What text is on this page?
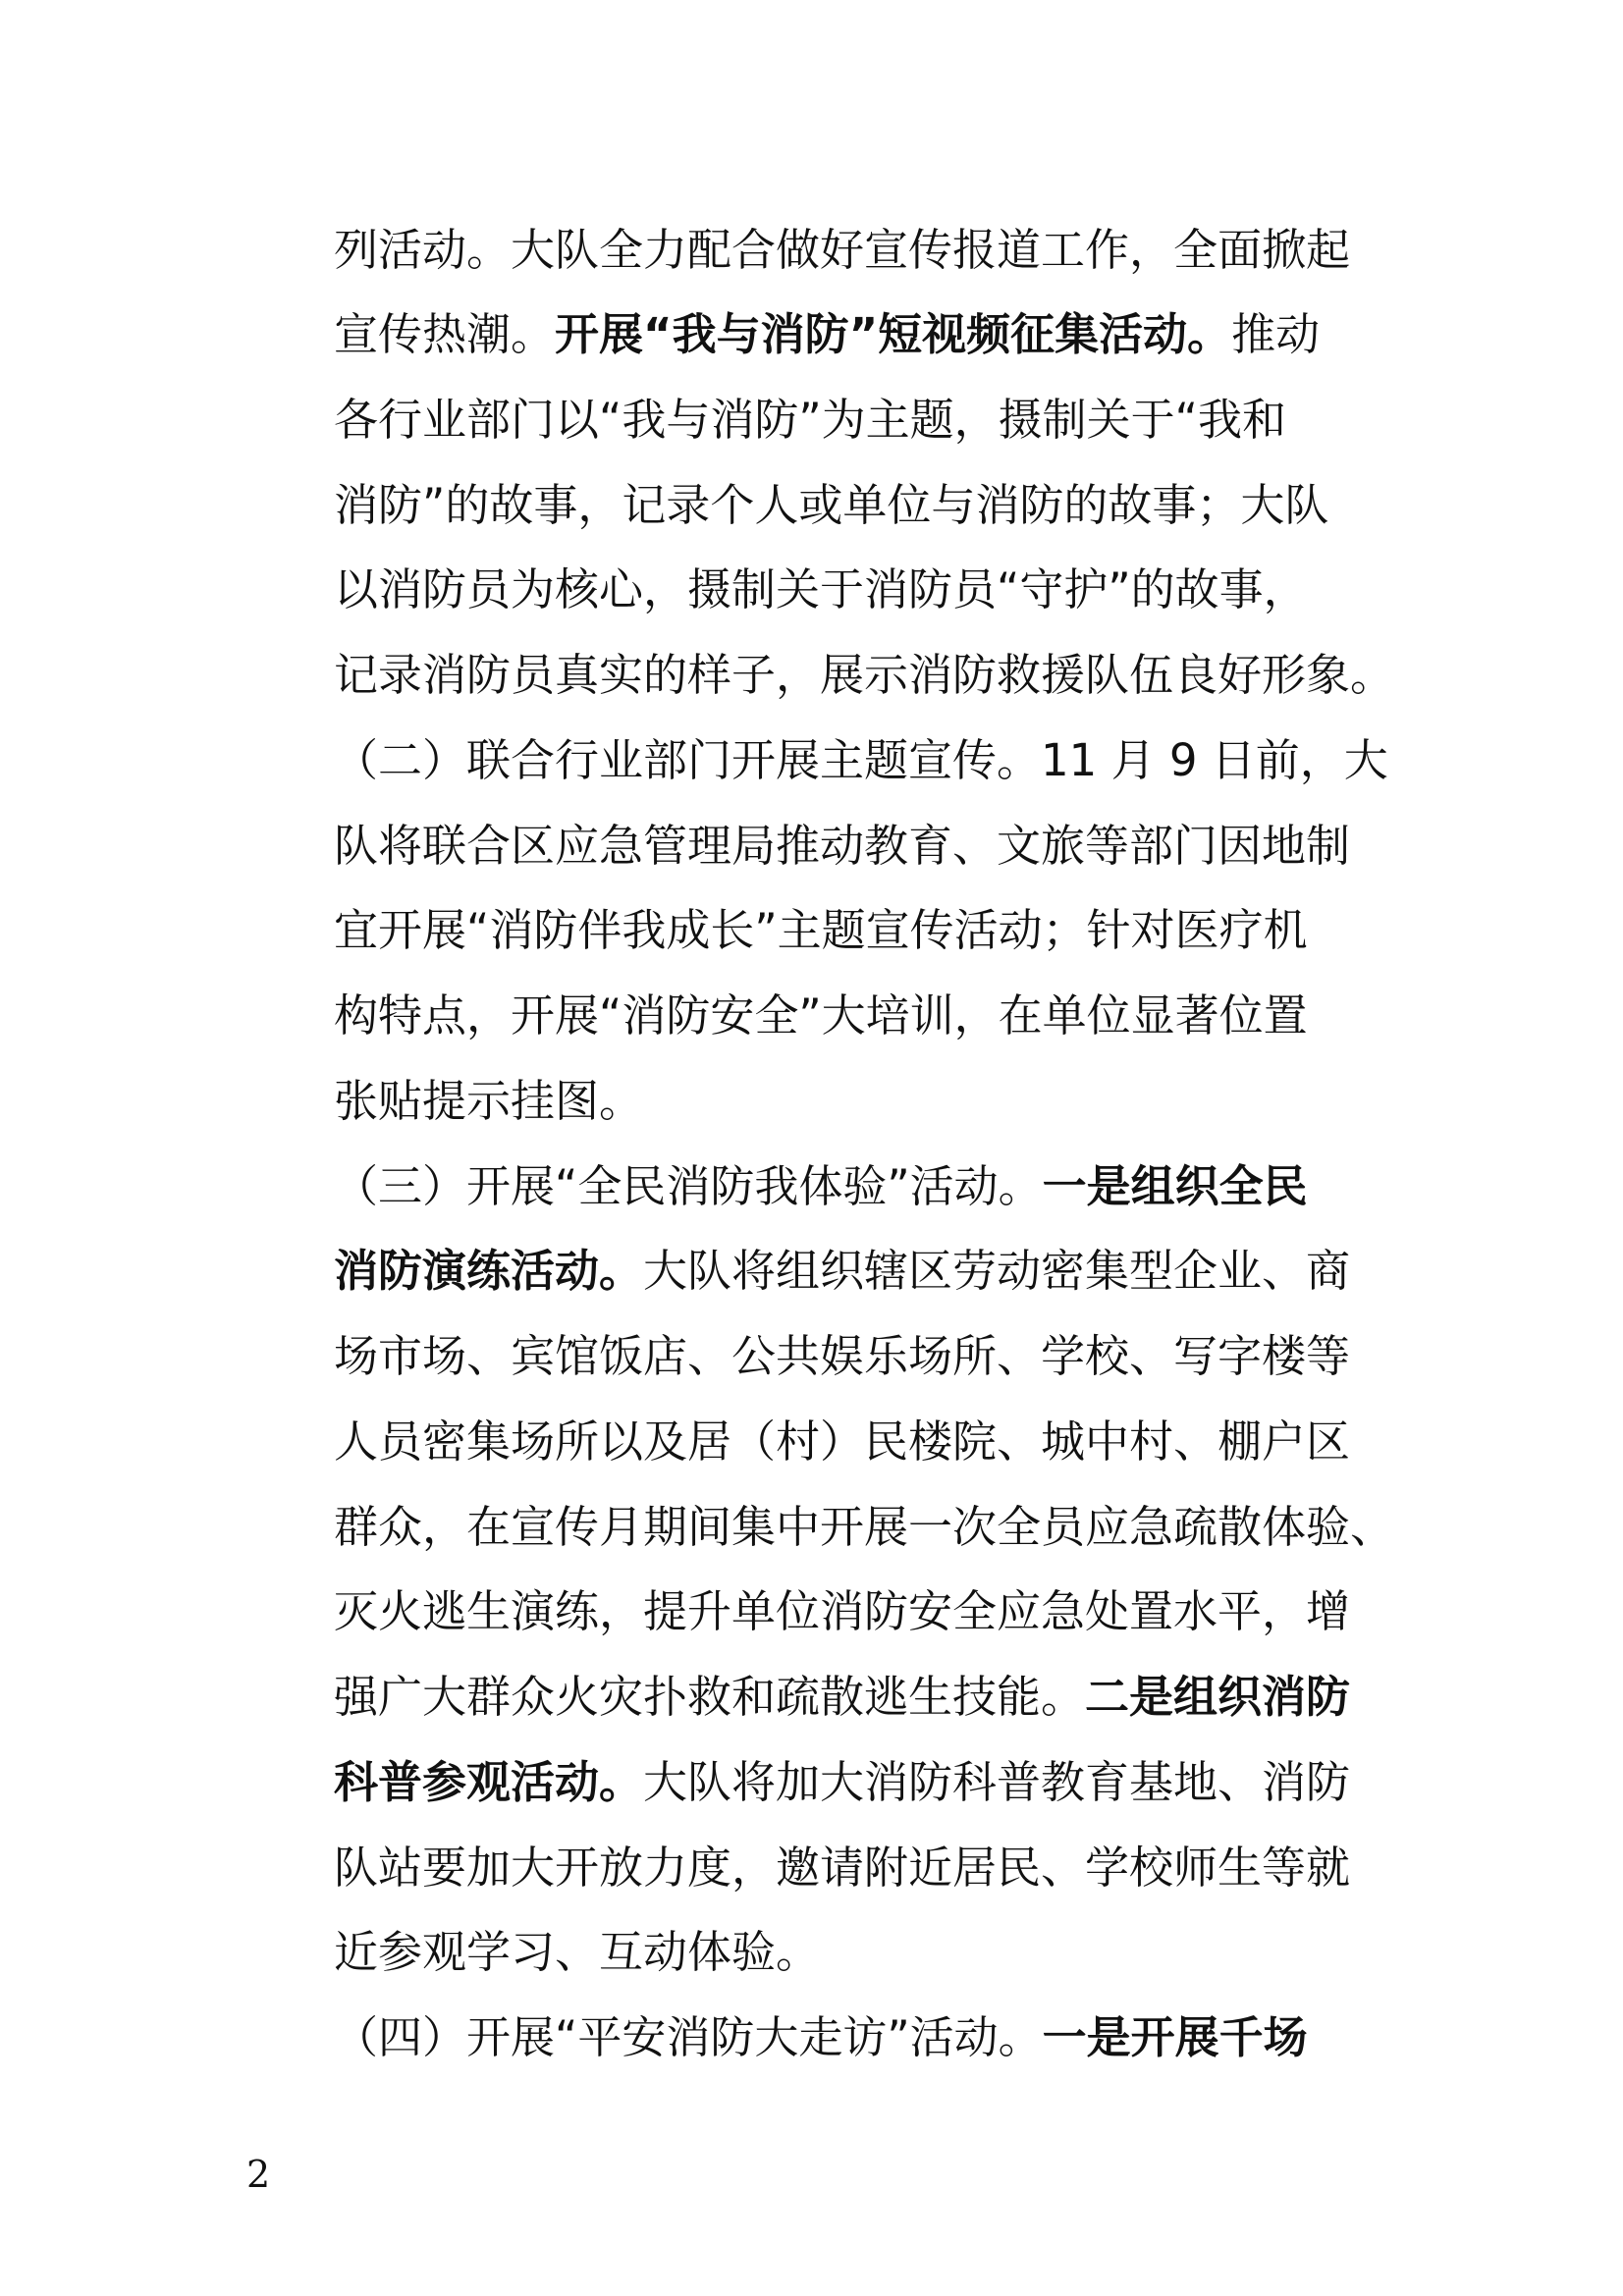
列活动。大队全力配合做好宣传报道工作，全面掀起
宣传热潮。开展“我与消防”短视频征集活动。推动
各行业部门以“我与消防”为主题，摄制关于“我和
消防”的故事，记录个人或单位与消防的故事；大队
以消防员为核心，摄制关于消防员“守护”的故事，
记录消防员真实的样子，展示消防救援队伍良好形象。
（二）联合行业部门开展主题宣传。11 月 9 日前，大
队将联合区应急管理局推动教育、文旅等部门因地制
宜开展“消防伴我成长”主题宣传活动；针对医疗机
构特点，开展“消防安全”大培训，在单位显著位置
张贴提示挂图。
（三）开展“全民消防我体验”活动。一是组织全民
消防演练活动。大队将组织辖区劳动密集型企业、商
场市场、宾馆饭店、公共娱乐场所、学校、写字楼等
人员密集场所以及居（村）民楼院、城中村、棚户区
群众，在宣传月期间集中开展一次全员应急疏散体验、
灭火逃生演练，提升单位消防安全应急处置水平，增
强广大群众火灾扑救和疏散逃生技能。二是组织消防
科普参观活动。大队将加大消防科普教育基地、消防
队站要加大开放力度，邀请附近居民、学校师生等就
近参观学习、互动体验。
（四）开展“平安消防大走访”活动。一是开展千场
2
